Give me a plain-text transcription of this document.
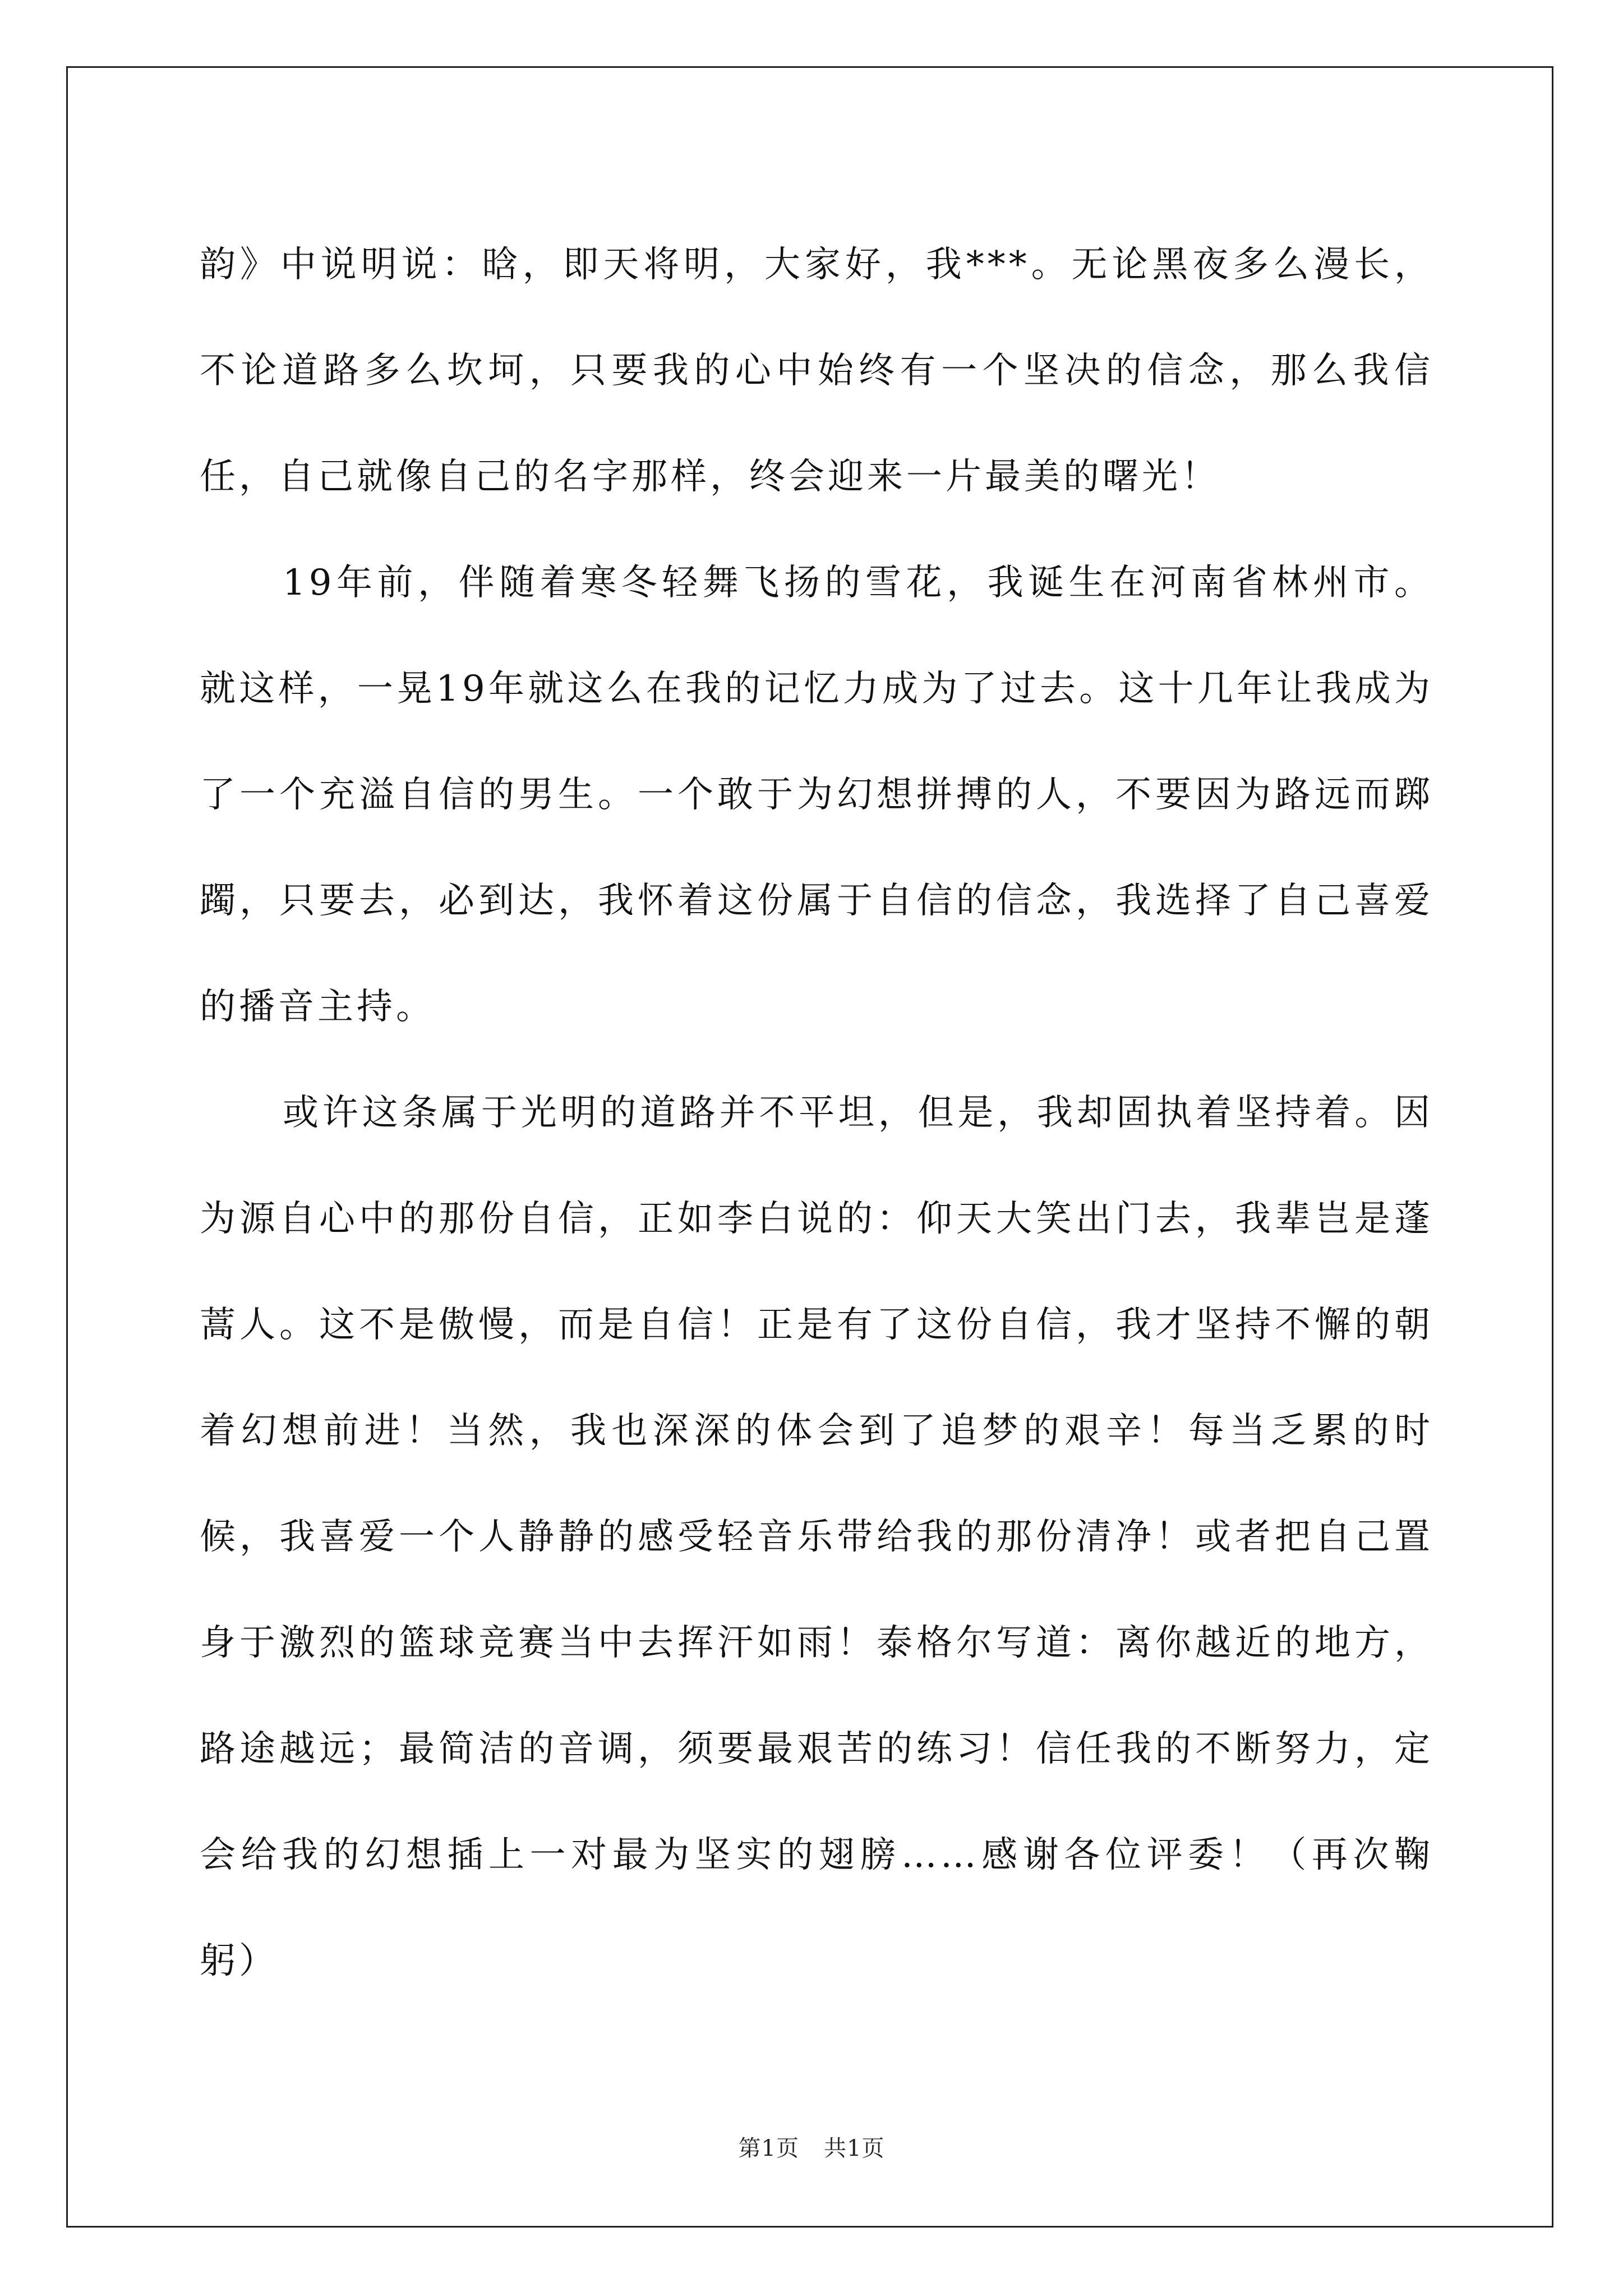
韵》中说明说：晗，即天将明，大家好，我***。无论黑夜多么漫长，不论道路多么坎坷，只要我的心中始终有一个坚决的信念，那么我信任，自己就像自己的名字那样，终会迎来一片最美的曙光！

19年前，伴随着寒冬轻舞飞扬的雪花，我诞生在河南省林州市。就这样，一晃19年就这么在我的记忆力成为了过去。这十几年让我成为了一个充溢自信的男生。一个敢于为幻想拼搏的人，不要因为路远而踯躅，只要去，必到达，我怀着这份属于自信的信念，我选择了自己喜爱的播音主持。

或许这条属于光明的道路并不平坦，但是，我却固执着坚持着。因为源自心中的那份自信，正如李白说的：仰天大笑出门去，我辈岂是蓬蒿人。这不是傲慢，而是自信！正是有了这份自信，我才坚持不懈的朝着幻想前进！当然，我也深深的体会到了追梦的艰辛！每当乏累的时候，我喜爱一个人静静的感受轻音乐带给我的那份清净！或者把自己置身于激烈的篮球竞赛当中去挥汗如雨！泰格尔写道：离你越近的地方，路途越远；最简洁的音调，须要最艰苦的练习！信任我的不断努力，定会给我的幻想插上一对最为坚实的翅膀……感谢各位评委！（再次鞠躬）

第1页 共1页
